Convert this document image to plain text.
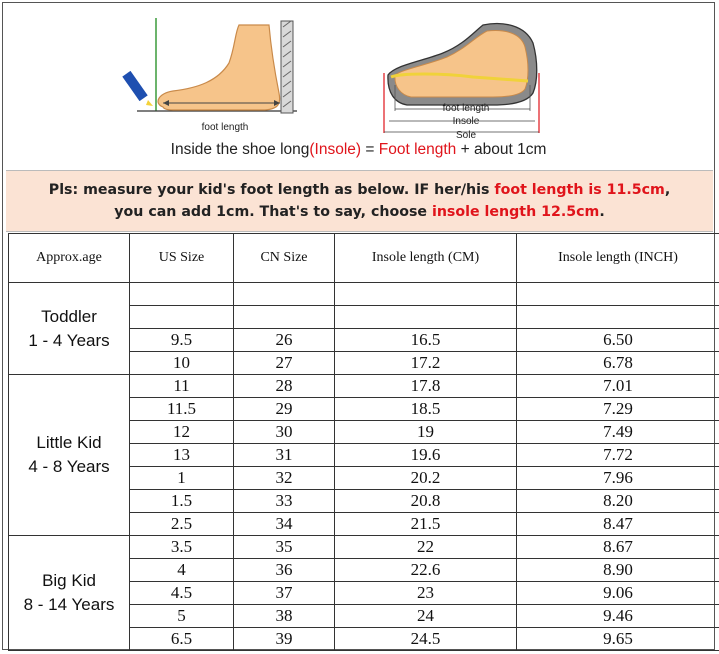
foot length
foot length
Insole
Sole
Inside the shoe long(Insole) = Foot length + about 1cm
Pls: measure your kid's foot length as below. IF her/his foot length is 11.5cm,
you can add 1cm. That's to say, choose insole length 12.5cm.
Approx.age	US Size	CN Size	Insole length (CM)	Insole length (INCH)

Toddler
1 - 4 Years				

	9.5	26	16.5	6.50
	10	27	17.2	6.78

Little Kid
4 - 8 Years	11	28	17.8	7.01
	11.5	29	18.5	7.29
	12	30	19	7.49
	13	31	19.6	7.72
	1	32	20.2	7.96
	1.5	33	20.8	8.20
	2.5	34	21.5	8.47

Big Kid
8 - 14 Years	3.5	35	22	8.67
	4	36	22.6	8.90
	4.5	37	23	9.06
	5	38	24	9.46
	6.5	39	24.5	9.65
